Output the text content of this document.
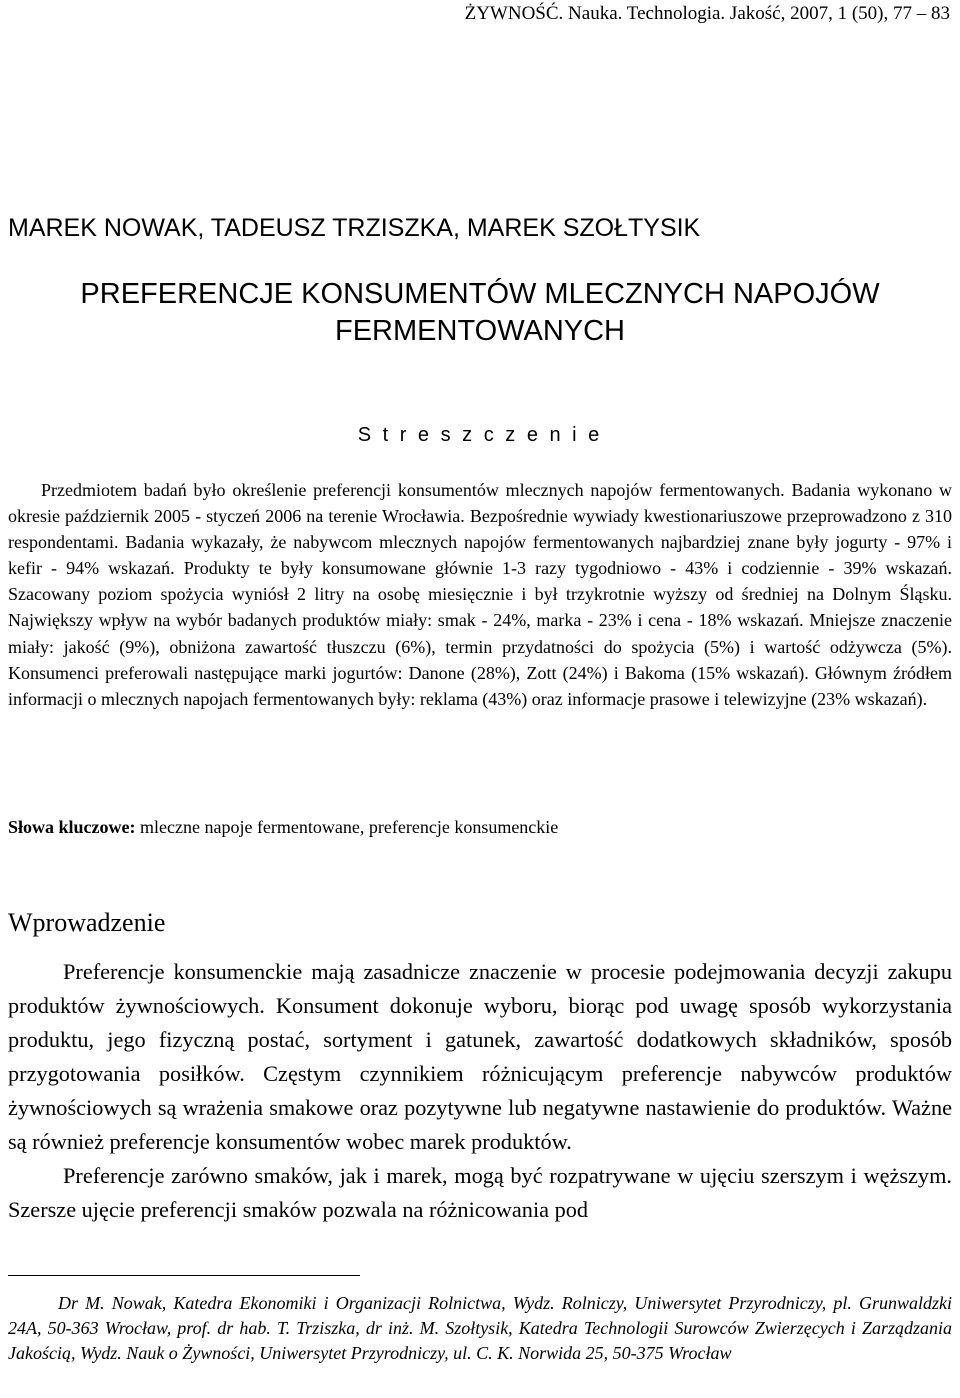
ŻYWNOŚĆ. Nauka. Technologia. Jakość, 2007, 1 (50), 77 – 83
MAREK NOWAK, TADEUSZ TRZISZKA, MAREK SZOŁTYSIK
PREFERENCJE KONSUMENTÓW MLECZNYCH NAPOJÓW
FERMENTOWANYCH
S t r e s z c z e n i e
Przedmiotem badań było określenie preferencji konsumentów mlecznych napojów fermentowanych. Badania wykonano w okresie październik 2005 - styczeń 2006 na terenie Wrocławia. Bezpośrednie wywiady kwestionariuszowe przeprowadzono z 310 respondentami. Badania wykazały, że nabywcom mlecznych napojów fermentowanych najbardziej znane były jogurty - 97% i kefir - 94% wskazań. Produkty te były konsumowane głównie 1-3 razy tygodniowo - 43% i codziennie - 39% wskazań. Szacowany poziom spożycia wyniósł 2 litry na osobę miesięcznie i był trzykrotnie wyższy od średniej na Dolnym Śląsku. Największy wpływ na wybór badanych produktów miały: smak - 24%, marka - 23% i cena - 18% wskazań. Mniejsze znaczenie miały: jakość (9%), obniżona zawartość tłuszczu (6%), termin przydatności do spożycia (5%) i wartość odżywcza (5%). Konsumenci preferowali następujące marki jogurtów: Danone (28%), Zott (24%) i Bakoma (15% wskazań). Głównym źródłem informacji o mlecznych napojach fermentowanych były: reklama (43%) oraz informacje prasowe i telewizyjne (23% wskazań).
Słowa kluczowe: mleczne napoje fermentowane, preferencje konsumenckie
Wprowadzenie

Preferencje konsumenckie mają zasadnicze znaczenie w procesie podejmowania decyzji zakupu produktów żywnościowych. Konsument dokonuje wyboru, biorąc pod uwagę sposób wykorzystania produktu, jego fizyczną postać, sortyment i gatunek, zawartość dodatkowych składników, sposób przygotowania posiłków. Częstym czynnikiem różnicującym preferencje nabywców produktów żywnościowych są wrażenia smakowe oraz pozytywne lub negatywne nastawienie do produktów. Ważne są również preferencje konsumentów wobec marek produktów.

Preferencje zarówno smaków, jak i marek, mogą być rozpatrywane w ujęciu szerszym i węższym. Szersze ujęcie preferencji smaków pozwala na różnicowania pod

Dr M. Nowak, Katedra Ekonomiki i Organizacji Rolnictwa, Wydz. Rolniczy, Uniwersytet Przyrodniczy, pl. Grunwaldzki 24A, 50-363 Wrocław, prof. dr hab. T. Trziszka, dr inż. M. Szołtysik, Katedra Technologii Surowców Zwierzęcych i Zarządzania Jakością, Wydz. Nauk o Żywności, Uniwersytet Przyrodniczy, ul. C. K. Norwida 25, 50-375 Wrocław
